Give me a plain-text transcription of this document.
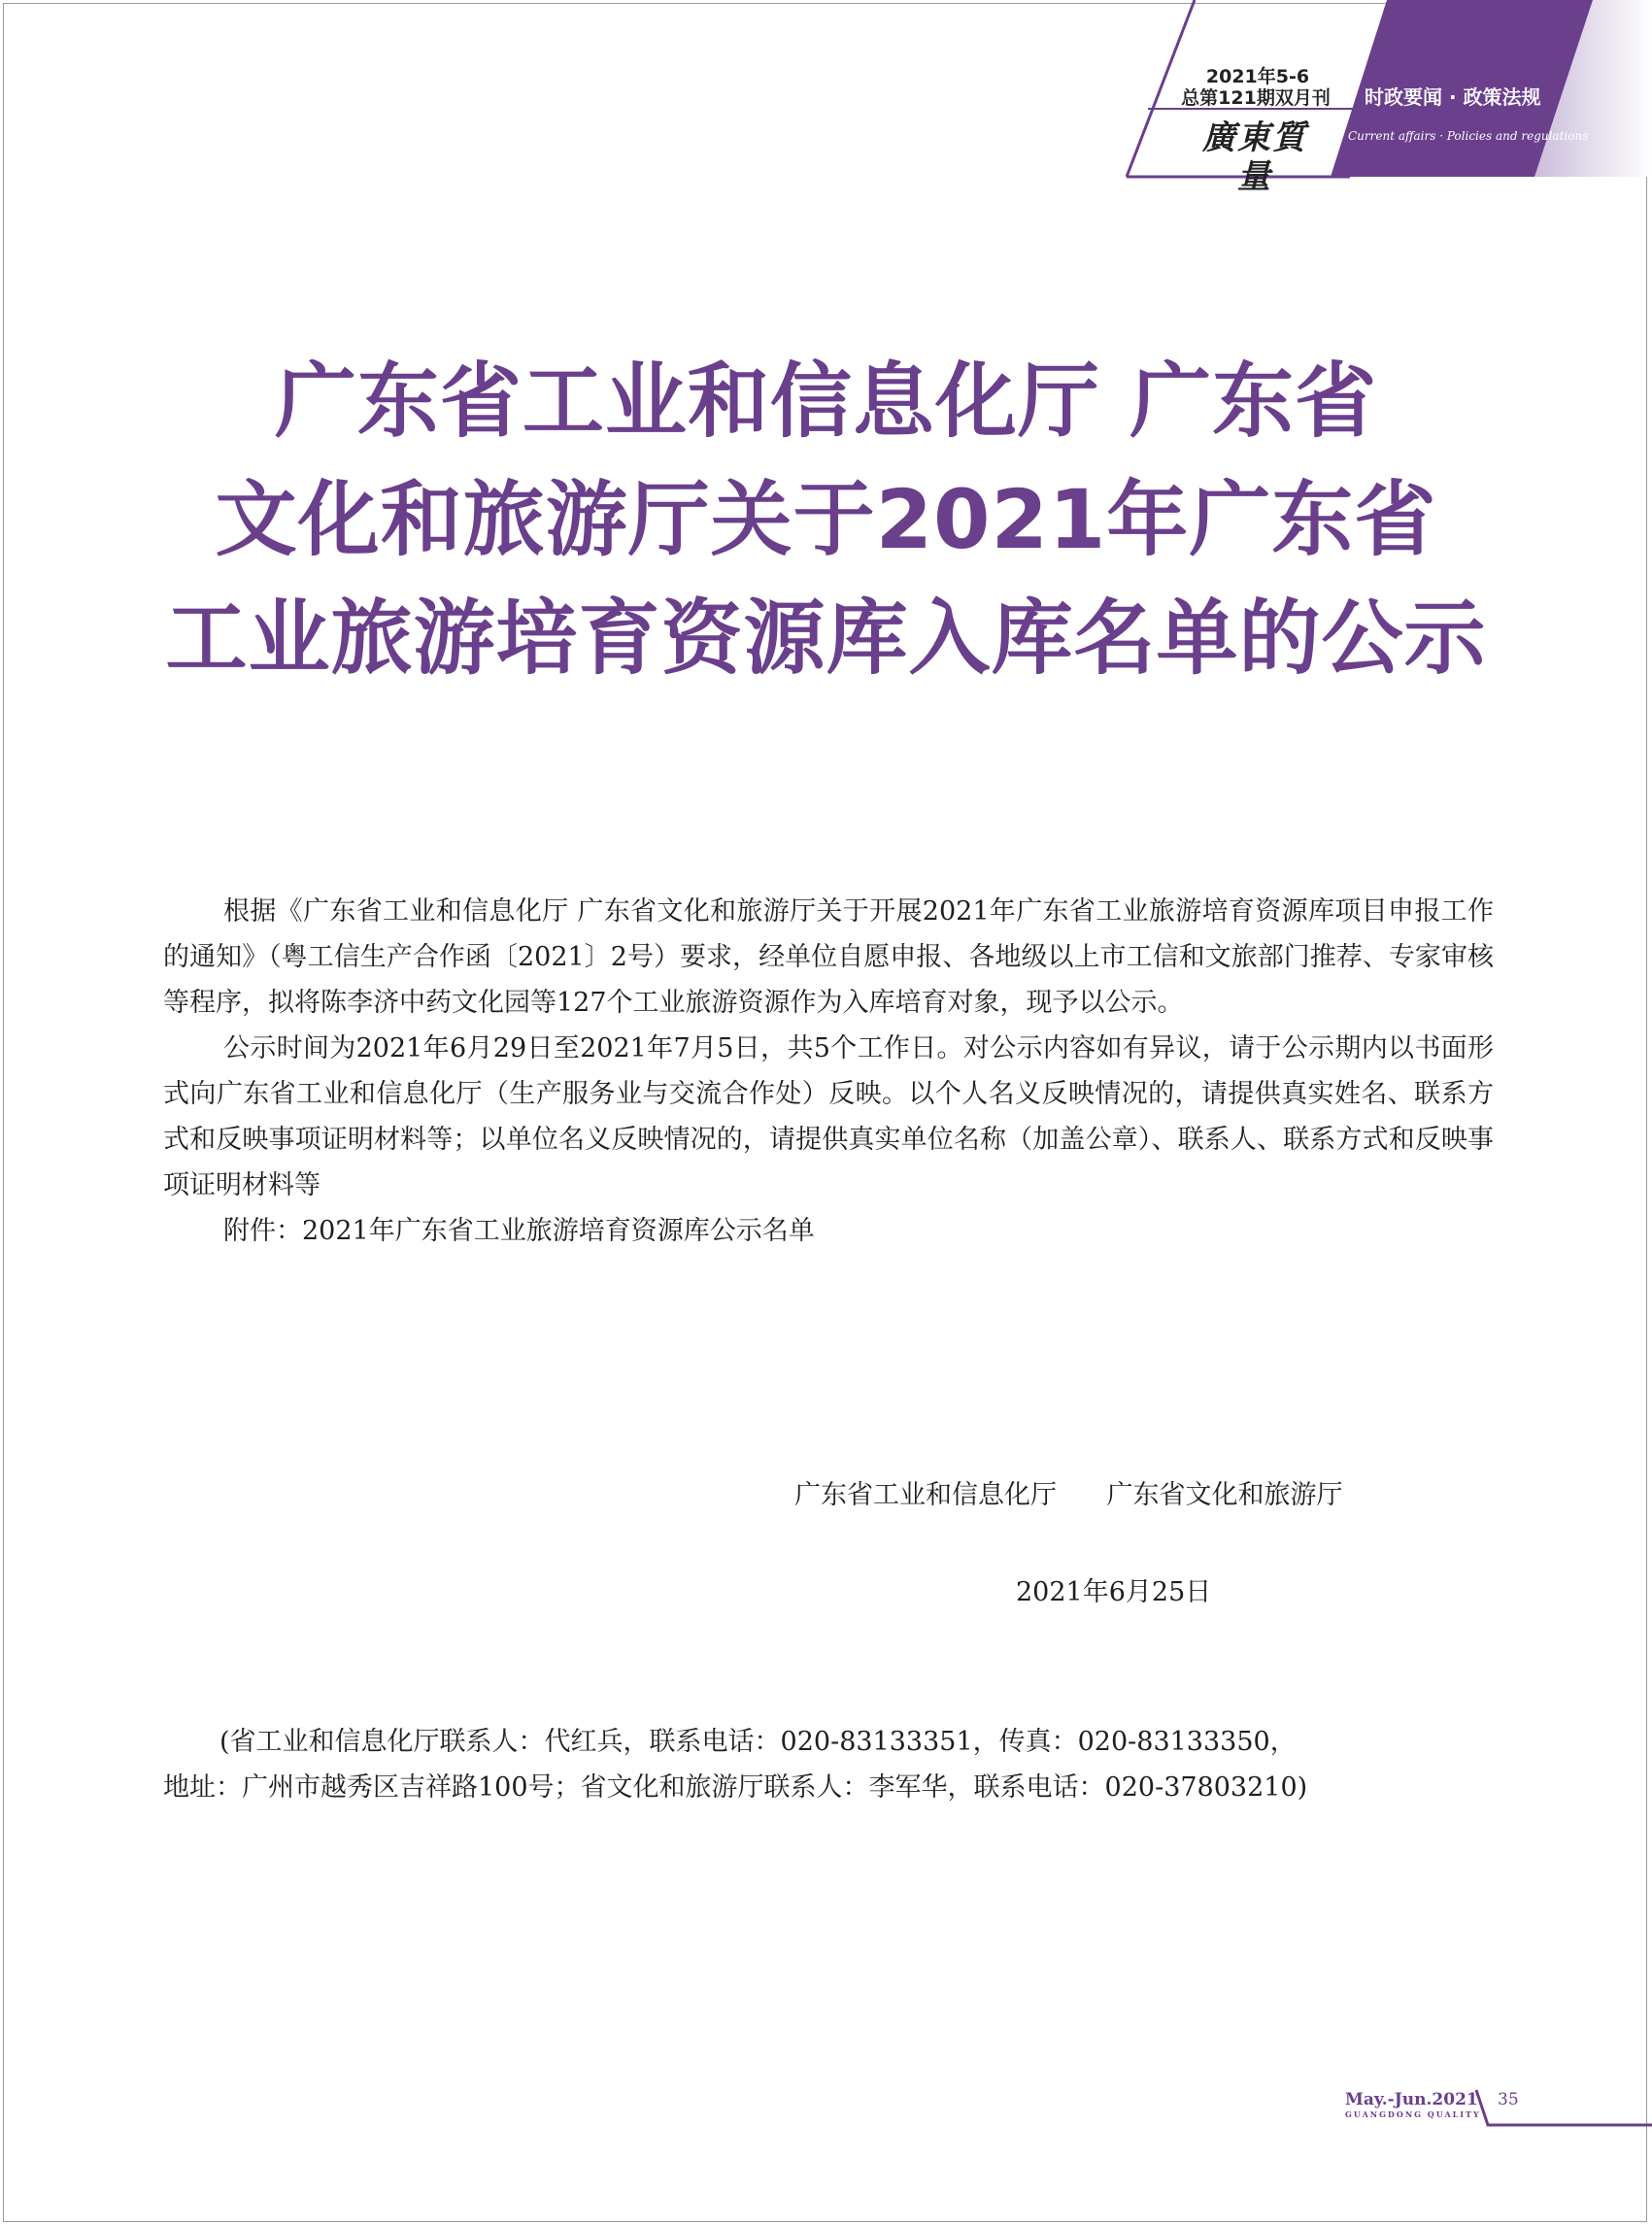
2021年5-6
总第121期双月刊
廣東質量
时政要闻 · 政策法规
Current affairs · Policies and regulations
广东省工业和信息化厅 广东省
文化和旅游厅关于2021年广东省
工业旅游培育资源库入库名单的公示

根据《广东省工业和信息化厅 广东省文化和旅游厅关于开展2021年广东省工业旅游培育资源库项目申报工作的通知》（粤工信生产合作函〔2021〕2号）要求，经单位自愿申报、各地级以上市工信和文旅部门推荐、专家审核等程序，拟将陈李济中药文化园等127个工业旅游资源作为入库培育对象，现予以公示。

公示时间为2021年6月29日至2021年7月5日，共5个工作日。对公示内容如有异议，请于公示期内以书面形式向广东省工业和信息化厅（生产服务业与交流合作处）反映。以个人名义反映情况的，请提供真实姓名、联系方式和反映事项证明材料等；以单位名义反映情况的，请提供真实单位名称（加盖公章）、联系人、联系方式和反映事项证明材料等

附件：2021年广东省工业旅游培育资源库公示名单

广东省工业和信息化厅      广东省文化和旅游厅
2021年6月25日

(省工业和信息化厅联系人：代红兵，联系电话：020-83133351，传真：020-83133350，

地址：广州市越秀区吉祥路100号；省文化和旅游厅联系人：李军华，联系电话：020-37803210)

May.-Jun.2021
GUANGDONG QUALITY
35
